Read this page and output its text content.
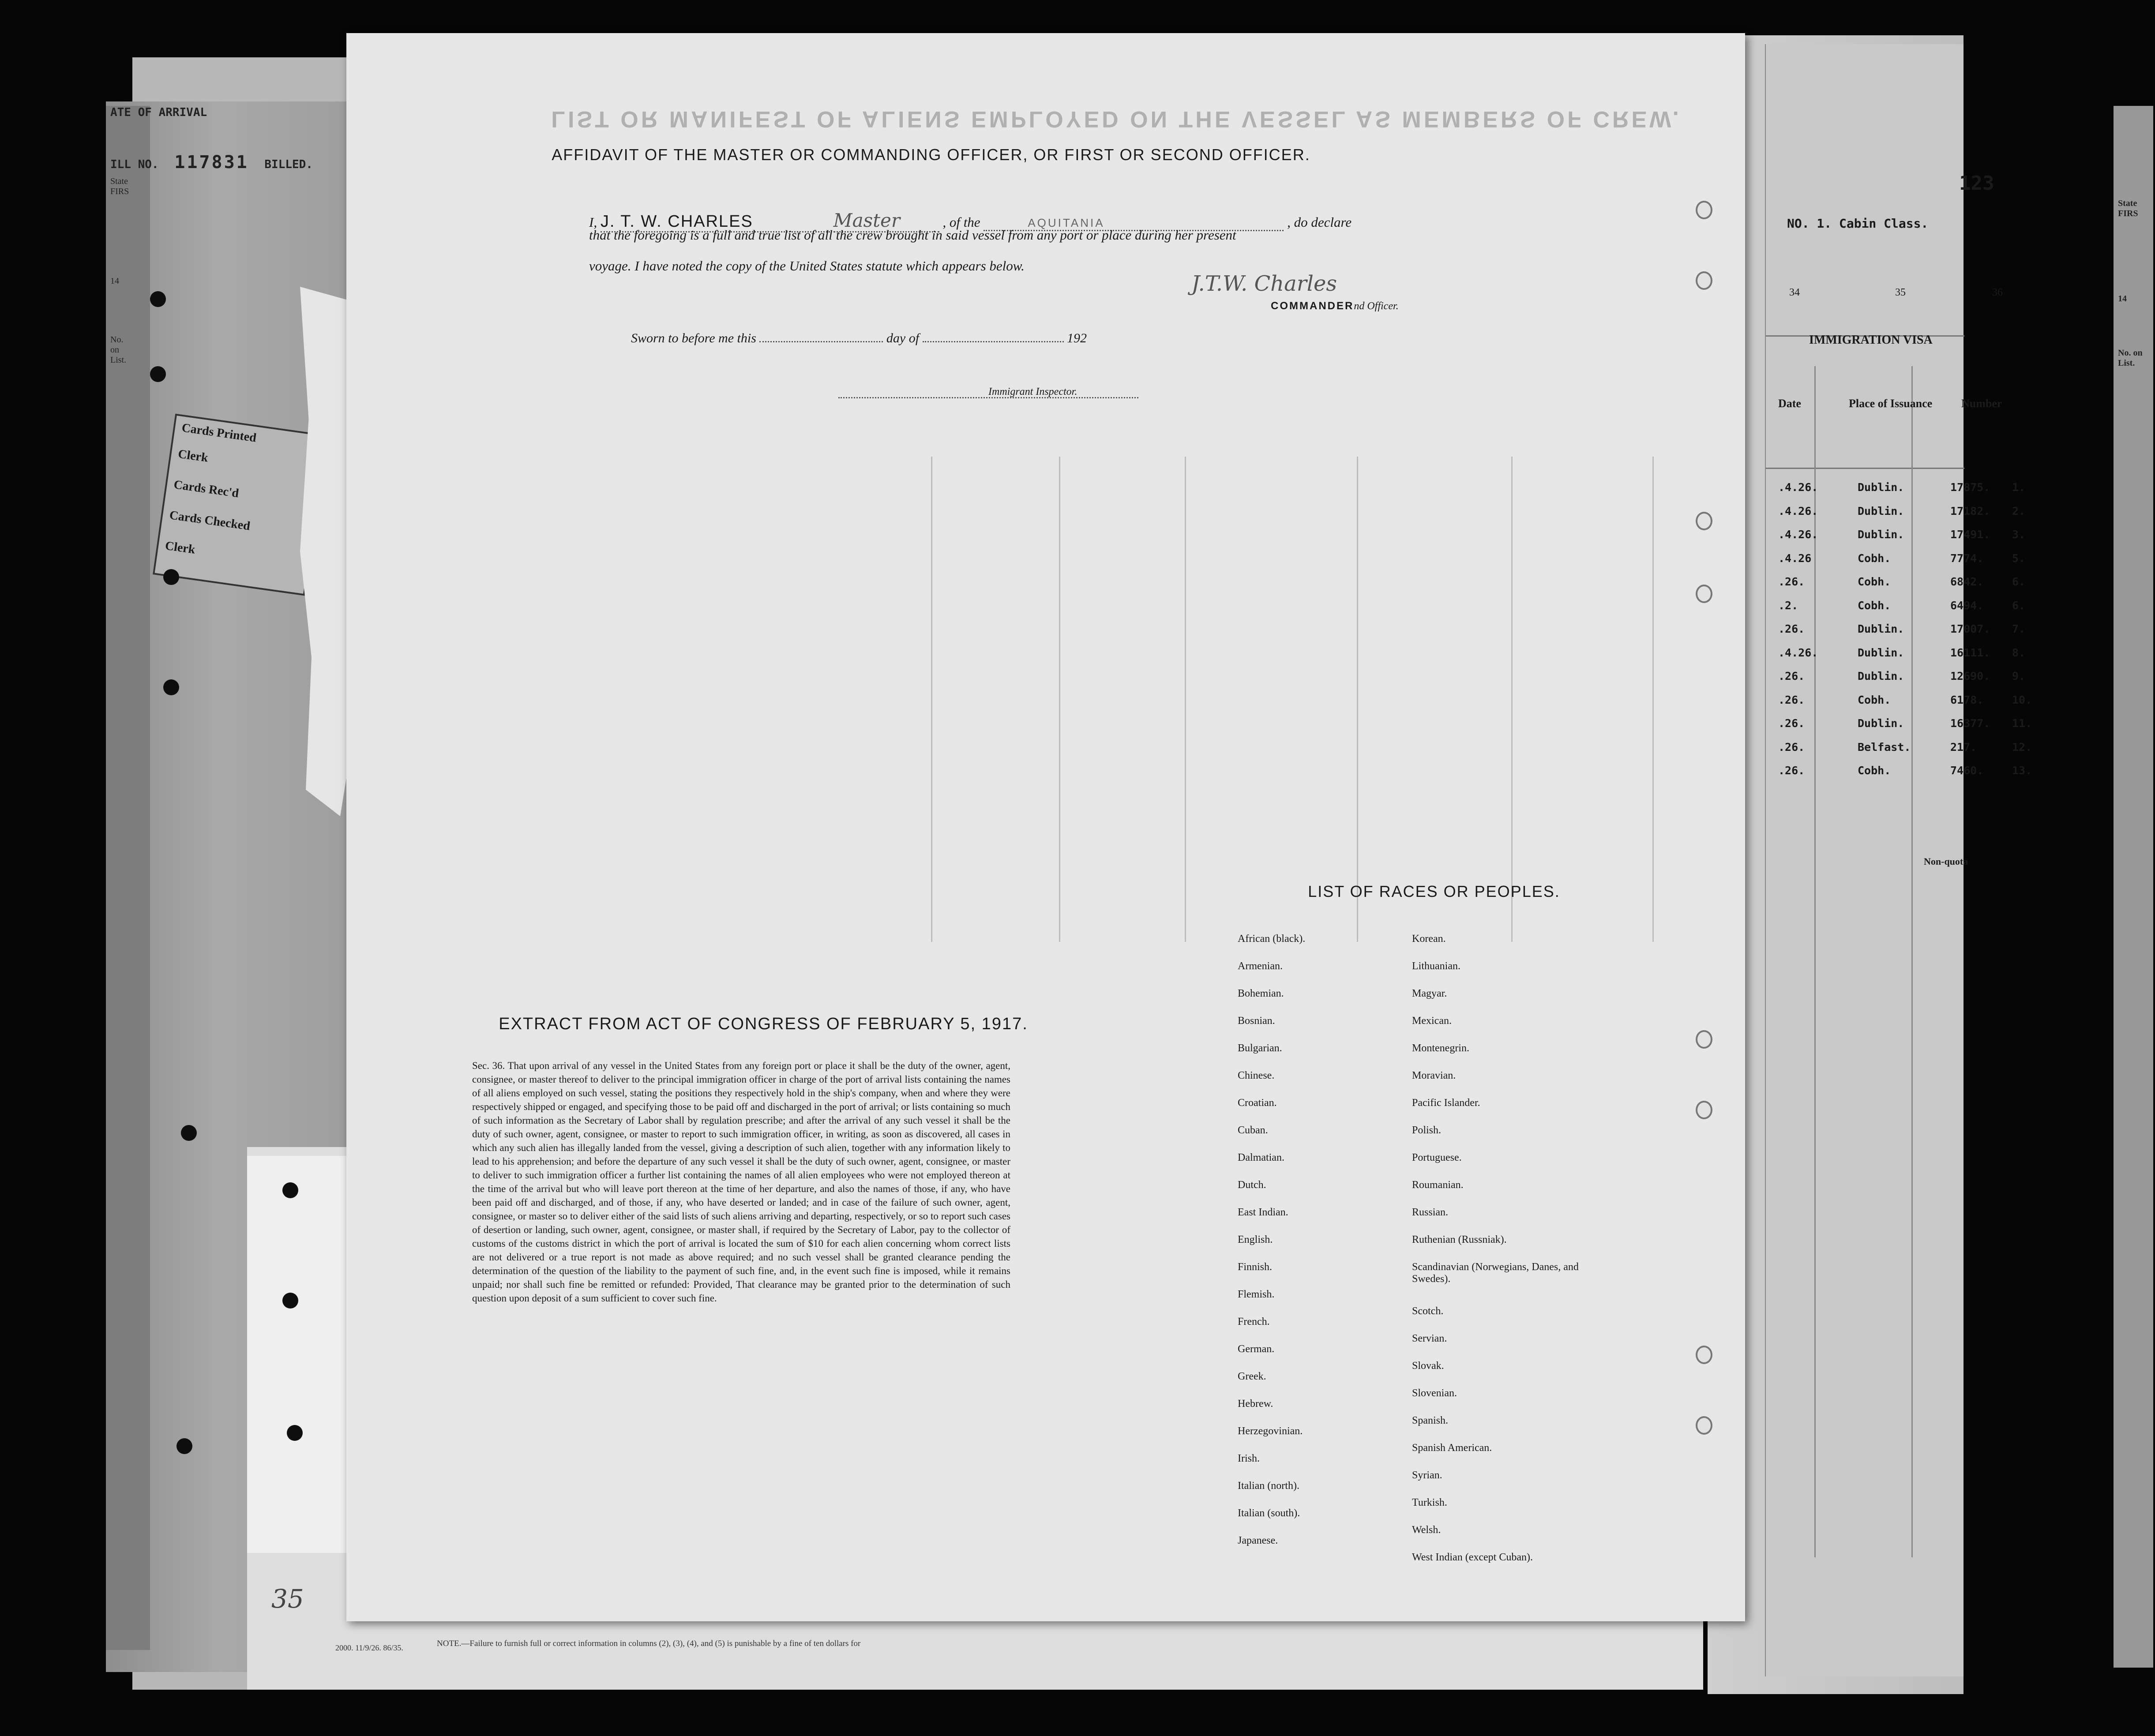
ATE OF ARRIVAL
ILL NO. 117831 BILLED.
State
FIRS
14
No. on List.
Cards Printed
Clerk
Cards Rec'd
Cards Checked
Clerk
123
NO. 1. Cabin Class.
34	35	36
IMMIGRATION VISA
Date	Place of Issuance	Number
Non-quota
.4.26.	Dublin.	17875. 1.
.4.26.	Dublin.	17182. 2.
.4.26.	Dublin.	17491. 3.
.4.26	Cobh.	7774.	5.
.26.	Cobh.	6842.	6.
.2.	Cobh.	6494.	6.
.26.	Dublin.	17007. 7.
.4.26.	Dublin.	16111. 8.
.26.	Dublin.	12690. 9.
.26.	Cobh.	6178.	10.
.26.	Dublin.	16377. 11.
.26.	Belfast.	217.	12.
.26.	Cobh.	7460.	13.
State
FIRS
14
No. on List.
LIST OR MANIFEST OF ALIENS EMPLOYED ON THE VESSEL AS MEMBERS OF CREW.
AFFIDAVIT OF THE MASTER OR COMMANDING OFFICER, OR FIRST OR SECOND OFFICER.
I, J. T. W. CHARLES	Master	, of the	AQUITANIA	, do declare
that the foregoing is a full and true list of all the crew brought in said vessel from any port or place during her present
voyage. I have noted the copy of the United States statute which appears below.
J.T.W. Charles
COMMANDERnd Officer.
Sworn to before me this	day of	192
Immigrant Inspector.
EXTRACT FROM ACT OF CONGRESS OF FEBRUARY 5, 1917.
Sec. 36. That upon arrival of any vessel in the United States from any foreign port or place it shall be the duty of the owner, agent, consignee, or master thereof to deliver to the principal immigration officer in charge of the port of arrival lists containing the names of all aliens employed on such vessel, stating the positions they respectively hold in the ship's company, when and where they were respectively shipped or engaged, and specifying those to be paid off and discharged in the port of arrival; or lists containing so much of such information as the Secretary of Labor shall by regulation prescribe; and after the arrival of any such vessel it shall be the duty of such owner, agent, consignee, or master to report to such immigration officer, in writing, as soon as discovered, all cases in which any such alien has illegally landed from the vessel, giving a description of such alien, together with any information likely to lead to his apprehension; and before the departure of any such vessel it shall be the duty of such owner, agent, consignee, or master to deliver to such immigration officer a further list containing the names of all alien employees who were not employed thereon at the time of the arrival but who will leave port thereon at the time of her departure, and also the names of those, if any, who have been paid off and discharged, and of those, if any, who have deserted or landed; and in case of the failure of such owner, agent, consignee, or master so to deliver either of the said lists of such aliens arriving and departing, respectively, or so to report such cases of desertion or landing, such owner, agent, consignee, or master shall, if required by the Secretary of Labor, pay to the collector of customs of the customs district in which the port of arrival is located the sum of $10 for each alien concerning whom correct lists are not delivered or a true report is not made as above required; and no such vessel shall be granted clearance pending the determination of the question of the liability to the payment of such fine, and, in the event such fine is imposed, while it remains unpaid; nor shall such fine be remitted or refunded: Provided, That clearance may be granted prior to the determination of such question upon deposit of a sum sufficient to cover such fine.
LIST OF RACES OR PEOPLES.
African (black).
Armenian.
Bohemian.
Bosnian.
Bulgarian.
Chinese.
Croatian.
Cuban.
Dalmatian.
Dutch.
East Indian.
English.
Finnish.
Flemish.
French.
German.
Greek.
Hebrew.
Herzegovinian.
Irish.
Italian (north).
Italian (south).
Japanese.
Korean.
Lithuanian.
Magyar.
Mexican.
Montenegrin.
Moravian.
Pacific Islander.
Polish.
Portuguese.
Roumanian.
Russian.
Ruthenian (Russniak).
Scandinavian (Norwegians, Danes, and Swedes).
Scotch.
Servian.
Slovak.
Slovenian.
Spanish.
Spanish American.
Syrian.
Turkish.
Welsh.
West Indian (except Cuban).
2000. 11/9/26. 86/35.	NOTE.—Failure to furnish full or correct information in columns (2), (3), (4), and (5) is punishable by a fine of ten dollars for
35
